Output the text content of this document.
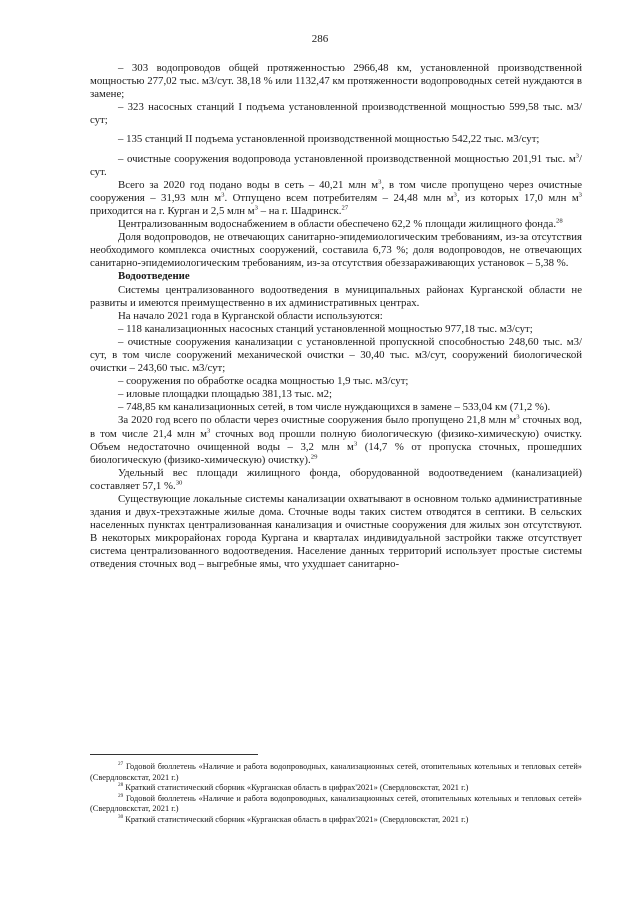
286

– 303 водопроводов общей протяженностью 2966,48 км, установленной производственной мощностью 277,02 тыс. м3/сут. 38,18 % или 1132,47 км протяженности водопроводных сетей нуждаются в замене;

– 323 насосных станций I подъема установленной производственной мощностью 599,58 тыс. м3/сут;

– 135 станций II подъема установленной производственной мощностью 542,22 тыс. м3/сут;

– очистные сооружения водопровода установленной производственной мощностью 201,91 тыс. $м^3$/сут.

Всего за 2020 год подано воды в сеть – 40,21 млн $м^3$, в том числе пропущено через очистные сооружения – 31,93 млн $м^3$. Отпущено всем потребителям – 24,48 млн $м^3$, из которых 17,0 млн $м^3$ приходится на г. Курган и 2,5 млн $м^3$ – на г. Шадринск.$^{27}$

Централизованным водоснабжением в области обеспечено 62,2 % площади жилищного фонда.$^{28}$

Доля водопроводов, не отвечающих санитарно-эпидемиологическим требованиям, из-за отсутствия необходимого комплекса очистных сооружений, составила 6,73 %; доля водопроводов, не отвечающих санитарно-эпидемиологическим требованиям, из-за отсутствия обеззараживающих установок – 5,38 %.

Водоотведение

Системы централизованного водоотведения в муниципальных районах Курганской области не развиты и имеются преимущественно в их административных центрах.

На начало 2021 года в Курганской области используются:

– 118 канализационных насосных станций установленной мощностью 977,18 тыс. м3/сут;

– очистные сооружения канализации с установленной пропускной способностью 248,60 тыс. м3/сут, в том числе сооружений механической очистки – 30,40 тыс. м3/сут, сооружений биологической очистки – 243,60 тыс. м3/сут;

– сооружения по обработке осадка мощностью 1,9 тыс. м3/сут;

– иловые площадки площадью 381,13 тыс. м2;

– 748,85 км канализационных сетей, в том числе нуждающихся в замене – 533,04 км (71,2 %).

За 2020 год всего по области через очистные сооружения было пропущено 21,8 млн $м^3$ сточных вод, в том числе 21,4 млн $м^3$ сточных вод прошли полную биологическую (физико-химическую) очистку. Объем недостаточно очищенной воды – 3,2 млн $м^3$ (14,7 % от пропуска сточных, прошедших биологическую (физико-химическую) очистку).$^{29}$

Удельный вес площади жилищного фонда, оборудованной водоотведением (канализацией) составляет 57,1 %.$^{30}$

Существующие локальные системы канализации охватывают в основном только административные здания и двух-трехэтажные жилые дома. Сточные воды таких систем отводятся в септики. В сельских населенных пунктах централизованная канализация и очистные сооружения для жилых зон отсутствуют. В некоторых микрорайонах города Кургана и кварталах индивидуальной застройки также отсутствует система централизованного водоотведения. Население данных территорий использует простые системы отведения сточных вод – выгребные ямы, что ухудшает санитарно-

$^{27}$ Годовой бюллетень «Наличие и работа водопроводных, канализационных сетей, отопительных котельных и тепловых сетей» (Свердловскстат, 2021 г.)

$^{28}$ Краткий статистический сборник «Курганская область в цифрах'2021» (Свердловскстат, 2021 г.)

$^{29}$ Годовой бюллетень «Наличие и работа водопроводных, канализационных сетей, отопительных котельных и тепловых сетей» (Свердловскстат, 2021 г.)

$^{30}$ Краткий статистический сборник «Курганская область в цифрах'2021» (Свердловскстат, 2021 г.)
